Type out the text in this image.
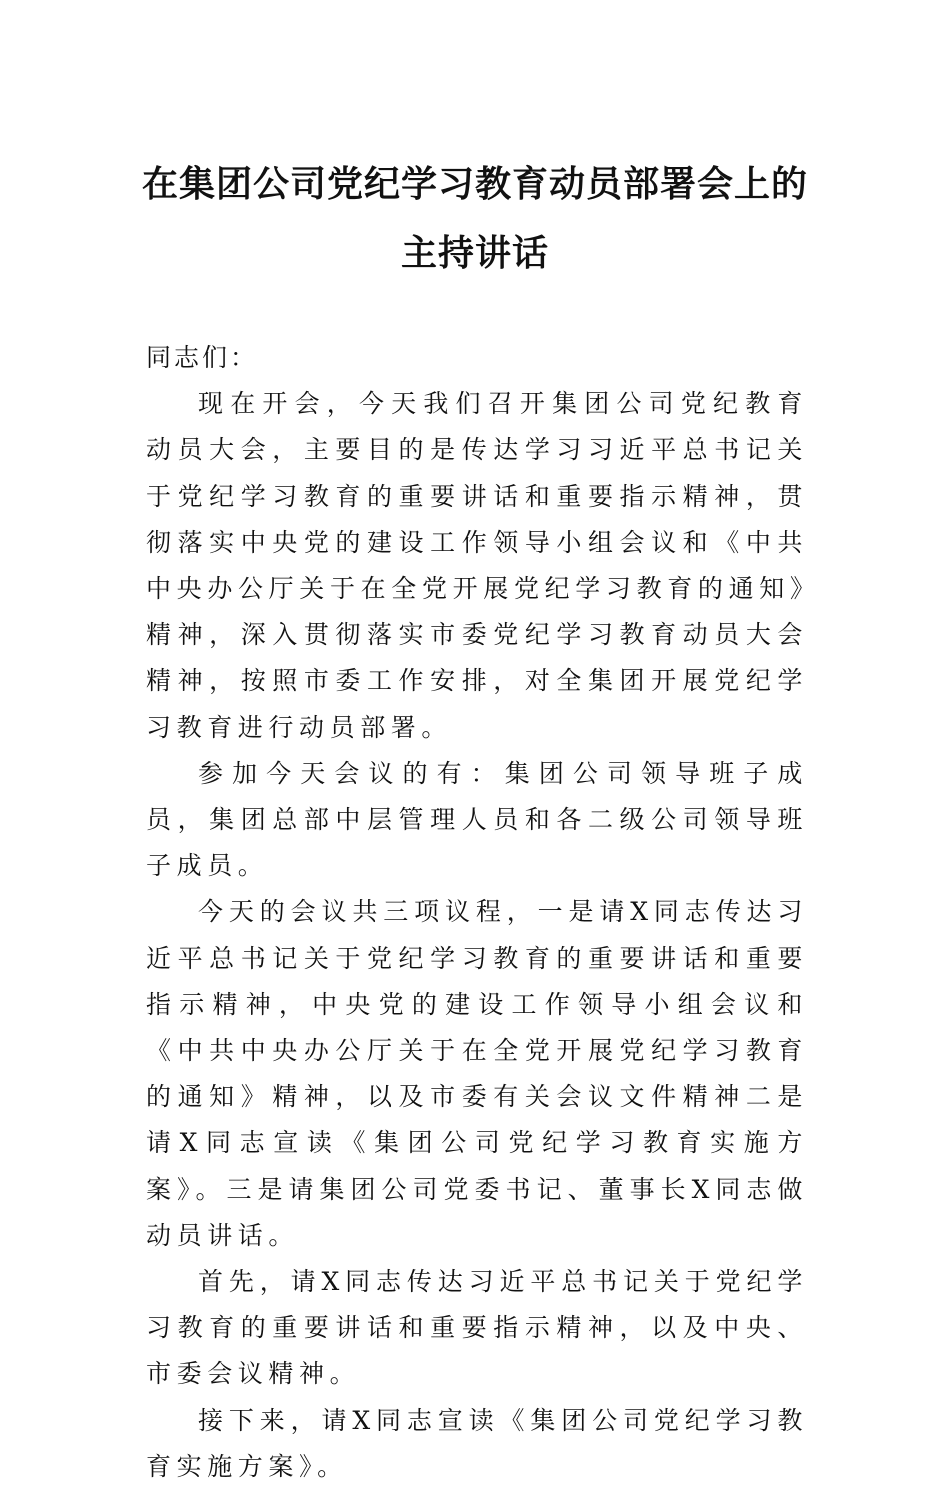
在集团公司党纪学习教育动员部署会上的
主持讲话

同志们：

现在开会，今天我们召开集团公司党纪教育动员大会，主要目的是传达学习习近平总书记关于党纪学习教育的重要讲话和重要指示精神，贯彻落实中央党的建设工作领导小组会议和《中共中央办公厅关于在全党开展党纪学习教育的通知》精神，深入贯彻落实市委党纪学习教育动员大会精神，按照市委工作安排，对全集团开展党纪学习教育进行动员部署。

参加今天会议的有：集团公司领导班子成员，集团总部中层管理人员和各二级公司领导班子成员。

今天的会议共三项议程，一是请X同志传达习近平总书记关于党纪学习教育的重要讲话和重要指示精神，中央党的建设工作领导小组会议和《中共中央办公厅关于在全党开展党纪学习教育的通知》精神，以及市委有关会议文件精神二是请X同志宣读《集团公司党纪学习教育实施方案》。三是请集团公司党委书记、董事长X同志做动员讲话。

首先，请X同志传达习近平总书记关于党纪学习教育的重要讲话和重要指示精神，以及中央、市委会议精神。

接下来，请X同志宣读《集团公司党纪学习教育实施方案》。
